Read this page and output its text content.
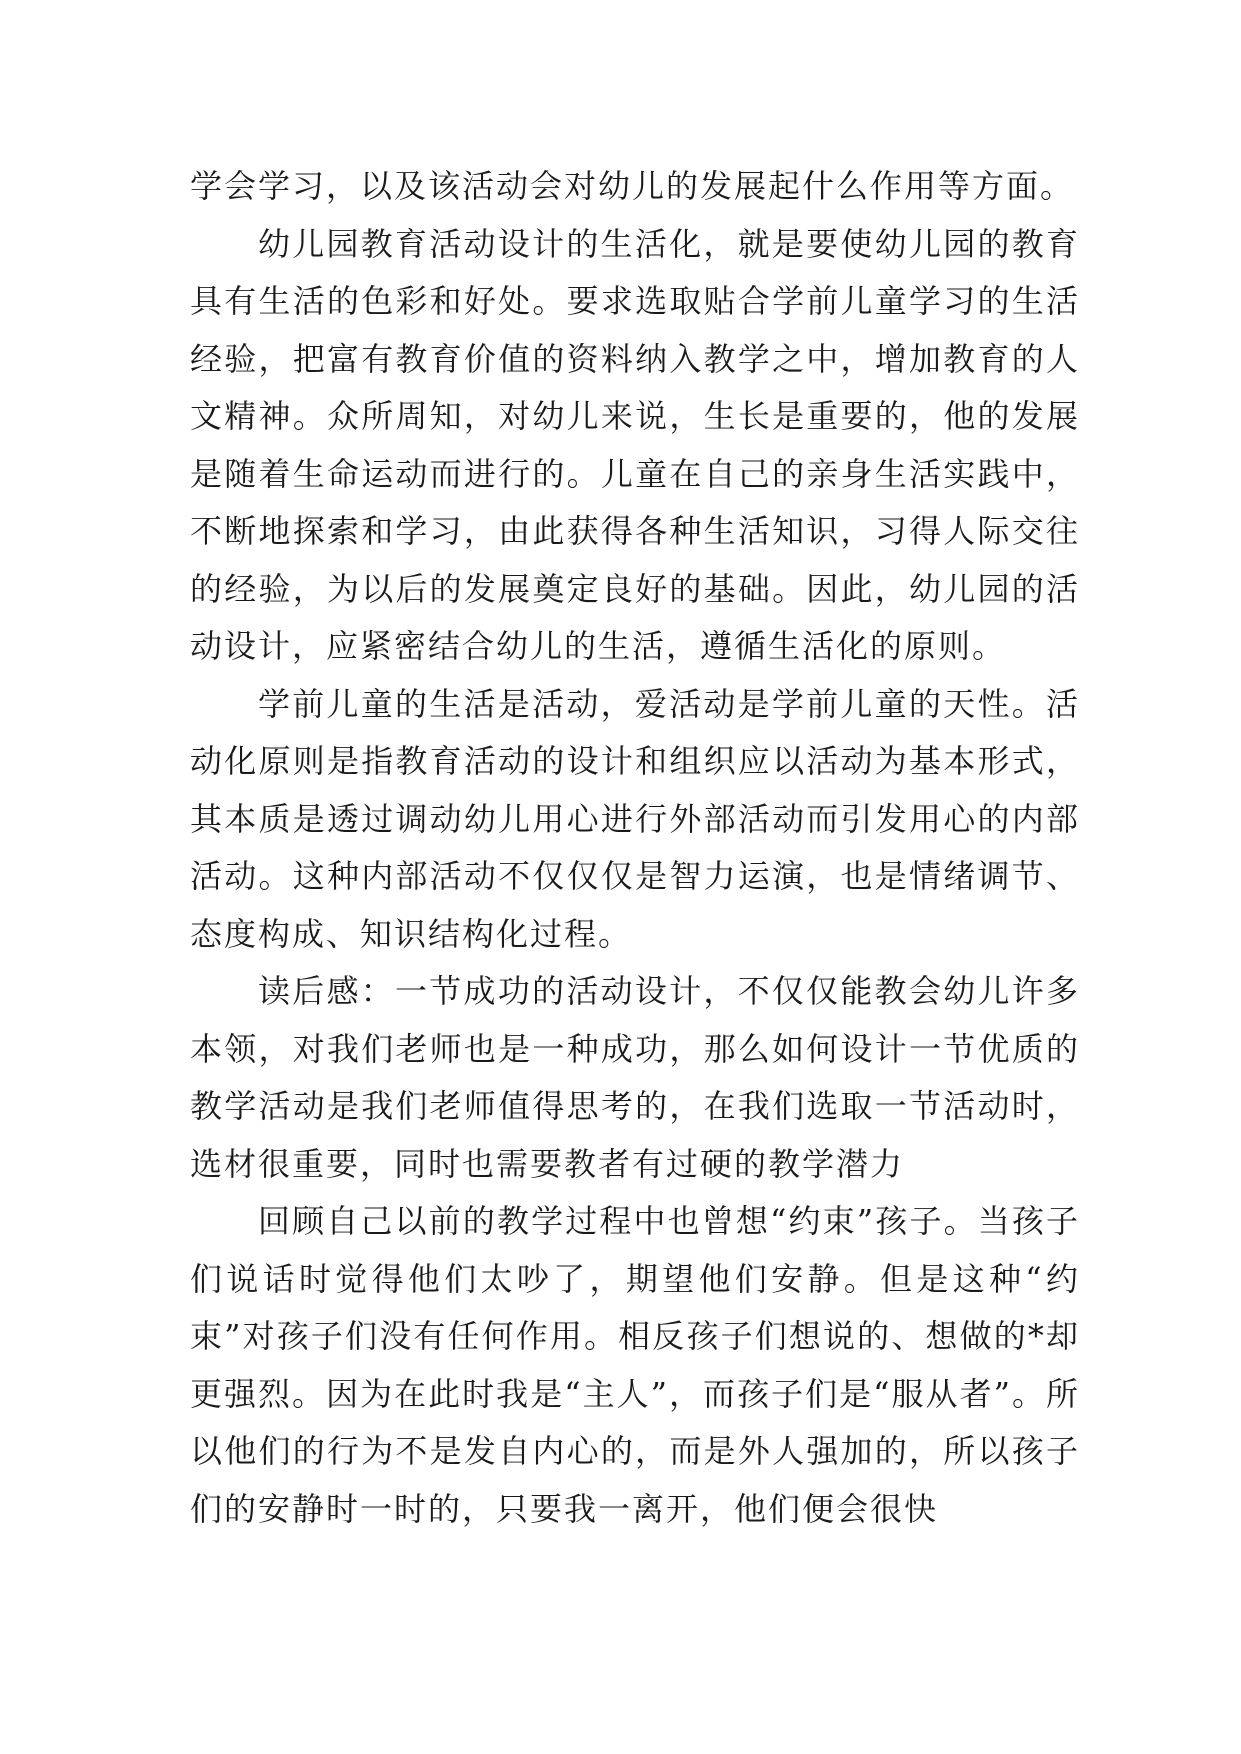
学会学习，以及该活动会对幼儿的发展起什么作用等方面。

幼儿园教育活动设计的生活化，就是要使幼儿园的教育具有生活的色彩和好处。要求选取贴合学前儿童学习的生活经验，把富有教育价值的资料纳入教学之中，增加教育的人文精神。众所周知，对幼儿来说，生长是重要的，他的发展是随着生命运动而进行的。儿童在自己的亲身生活实践中，不断地探索和学习，由此获得各种生活知识，习得人际交往的经验，为以后的发展奠定良好的基础。因此，幼儿园的活动设计，应紧密结合幼儿的生活，遵循生活化的原则。

学前儿童的生活是活动，爱活动是学前儿童的天性。活动化原则是指教育活动的设计和组织应以活动为基本形式，其本质是透过调动幼儿用心进行外部活动而引发用心的内部活动。这种内部活动不仅仅仅是智力运演，也是情绪调节、态度构成、知识结构化过程。

读后感：一节成功的活动设计，不仅仅能教会幼儿许多本领，对我们老师也是一种成功，那么如何设计一节优质的教学活动是我们老师值得思考的，在我们选取一节活动时，选材很重要，同时也需要教者有过硬的教学潜力

回顾自己以前的教学过程中也曾想“约束”孩子。当孩子们说话时觉得他们太吵了，期望他们安静。但是这种“约束”对孩子们没有任何作用。相反孩子们想说的、想做的*却更强烈。因为在此时我是“主人”，而孩子们是“服从者”。所以他们的行为不是发自内心的，而是外人强加的，所以孩子们的安静时一时的，只要我一离开，他们便会很快
